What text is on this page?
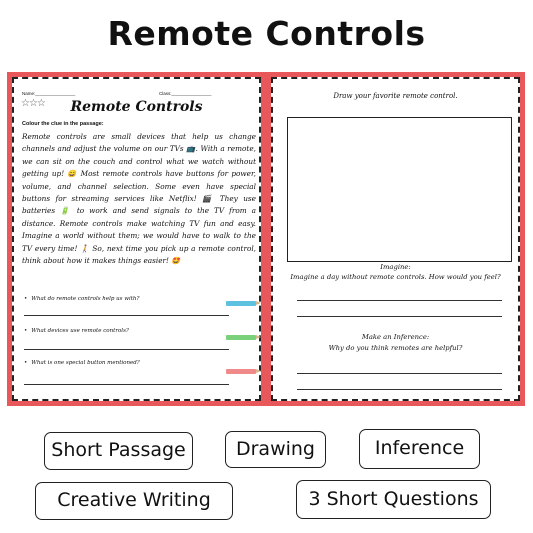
Remote Controls
Name:________________	Class:________________
☆☆☆	Remote Controls
Colour the clue in the passage:
Remote controls are small devices that help us change channels and adjust the volume on our TVs 📺. With a remote, we can sit on the couch and control what we watch without getting up! 😄 Most remote controls have buttons for power, volume, and channel selection. Some even have special buttons for streaming services like Netflix! 🎬 They use batteries 🔋 to work and send signals to the TV from a distance. Remote controls make watching TV fun and easy. Imagine a world without them; we would have to walk to the TV every time! 🚶 So, next time you pick up a remote control, think about how it makes things easier! 🤩
• What do remote controls help us with?
• What devices use remote controls?
• What is one special button mentioned?
Draw your favorite remote control.
Imagine:
Imagine a day without remote controls. How would you feel?
Make an Inference:
Why do you think remotes are helpful?
Short Passage	Drawing	Inference
Creative Writing	3 Short Questions
